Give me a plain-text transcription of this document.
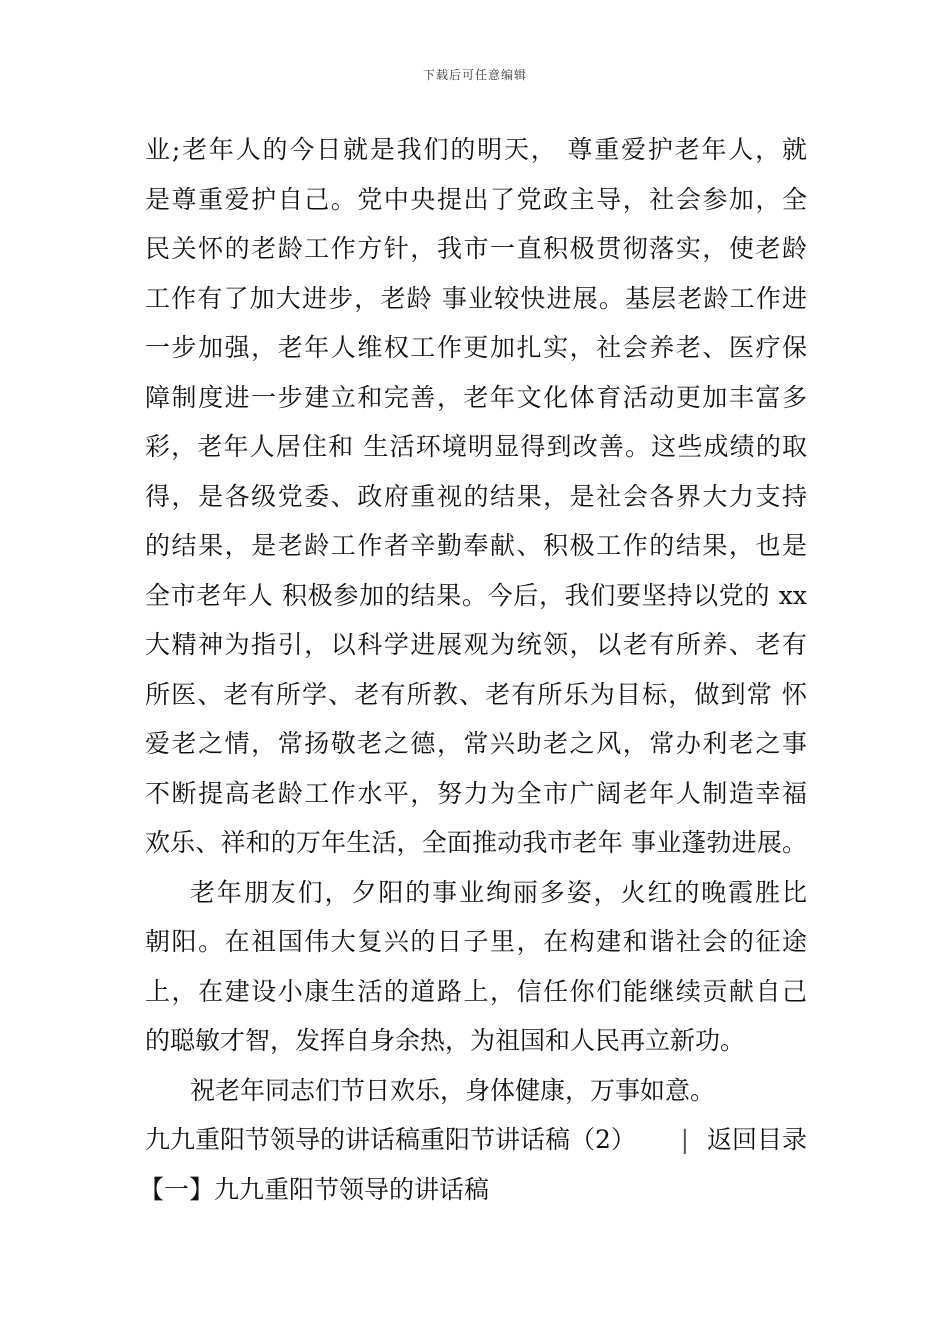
下载后可任意编辑
业;老年人的今日就是我们的明天， 尊重爱护老年人，就
是尊重爱护自己。党中央提出了党政主导，社会参加，全
民关怀的老龄工作方针，我市一直积极贯彻落实，使老龄
工作有了加大进步，老龄 事业较快进展。基层老龄工作进
一步加强，老年人维权工作更加扎实，社会养老、医疗保
障制度进一步建立和完善，老年文化体育活动更加丰富多
彩，老年人居住和 生活环境明显得到改善。这些成绩的取
得，是各级党委、政府重视的结果，是社会各界大力支持
的结果，是老龄工作者辛勤奉献、积极工作的结果，也是
全市老年人 积极参加的结果。今后，我们要坚持以党的 xx
大精神为指引，以科学进展观为统领，以老有所养、老有
所医、老有所学、老有所教、老有所乐为目标，做到常 怀
爱老之情，常扬敬老之德，常兴助老之风，常办利老之事
不断提高老龄工作水平，努力为全市广阔老年人制造幸福
欢乐、祥和的万年生活，全面推动我市老年 事业蓬勃进展。
老年朋友们，夕阳的事业绚丽多姿，火红的晚霞胜比
朝阳。在祖国伟大复兴的日子里，在构建和谐社会的征途
上，在建设小康生活的道路上，信任你们能继续贡献自己
的聪敏才智，发挥自身余热，为祖国和人民再立新功。
祝老年同志们节日欢乐，身体健康，万事如意。
九九重阳节领导的讲话稿重阳节讲话稿（2） | 返回目录
【一】九九重阳节领导的讲话稿
